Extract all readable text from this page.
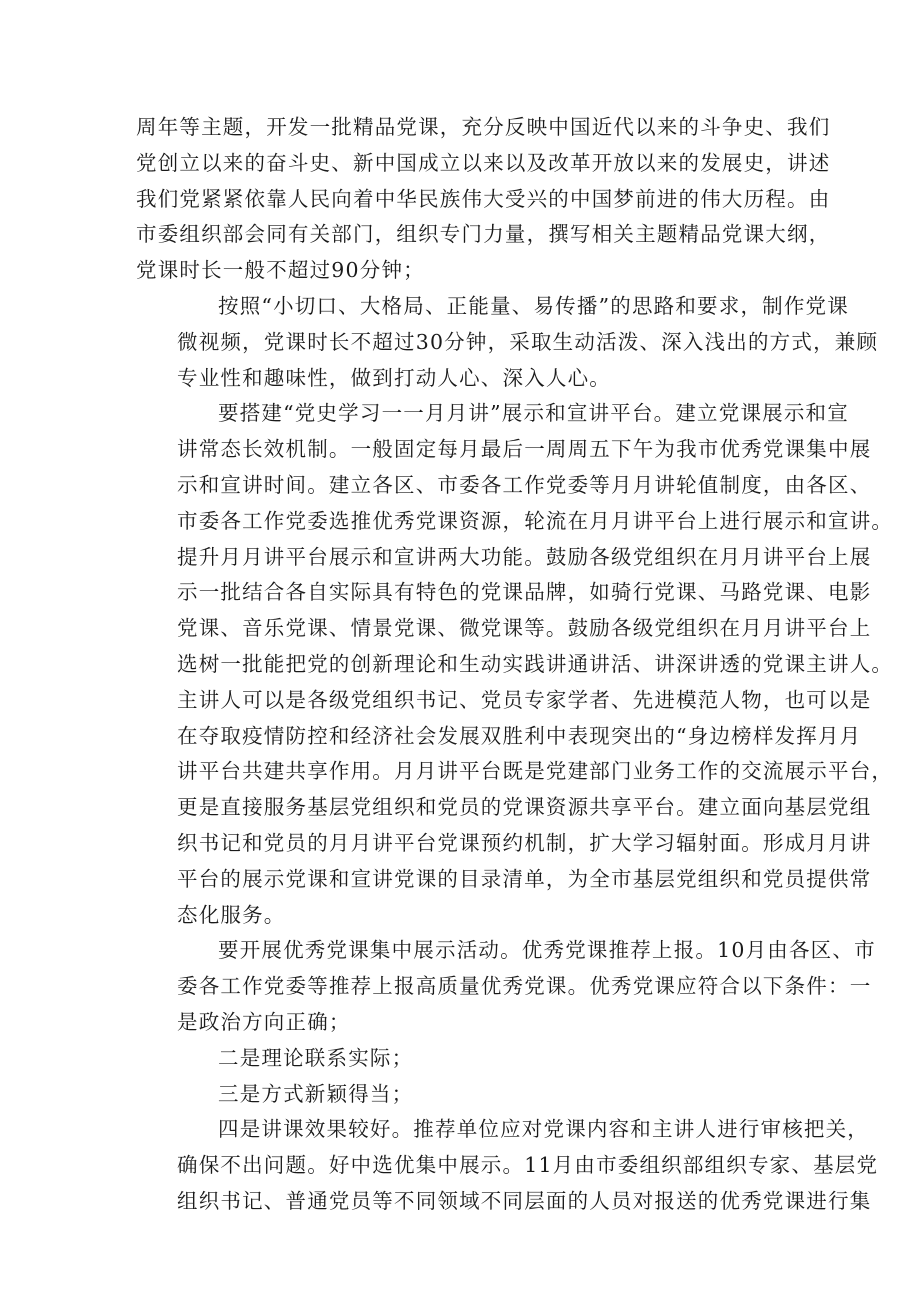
周年等主题，开发一批精品党课，充分反映中国近代以来的斗争史、我们
党创立以来的奋斗史、新中国成立以来以及改革开放以来的发展史，讲述
我们党紧紧依靠人民向着中华民族伟大受兴的中国梦前进的伟大历程。由
市委组织部会同有关部门，组织专门力量，撰写相关主题精品党课大纲，
党课时长一般不超过90分钟；
按照“小切口、大格局、正能量、易传播”的思路和要求，制作党课
微视频，党课时长不超过30分钟，采取生动活泼、深入浅出的方式，兼顾
专业性和趣味性，做到打动人心、深入人心。
要搭建“党史学习一一月月讲”展示和宣讲平台。建立党课展示和宣
讲常态长效机制。一般固定每月最后一周周五下午为我市优秀党课集中展
示和宣讲时间。建立各区、市委各工作党委等月月讲轮值制度，由各区、
市委各工作党委选推优秀党课资源，轮流在月月讲平台上进行展示和宣讲。
提升月月讲平台展示和宣讲两大功能。鼓励各级党组织在月月讲平台上展
示一批结合各自实际具有特色的党课品牌，如骑行党课、马路党课、电影
党课、音乐党课、情景党课、微党课等。鼓励各级党组织在月月讲平台上
选树一批能把党的创新理论和生动实践讲通讲活、讲深讲透的党课主讲人。
主讲人可以是各级党组织书记、党员专家学者、先进模范人物，也可以是
在夺取疫情防控和经济社会发展双胜利中表现突出的“身边榜样发挥月月
讲平台共建共享作用。月月讲平台既是党建部门业务工作的交流展示平台，
更是直接服务基层党组织和党员的党课资源共享平台。建立面向基层党组
织书记和党员的月月讲平台党课预约机制，扩大学习辐射面。形成月月讲
平台的展示党课和宣讲党课的目录清单，为全市基层党组织和党员提供常
态化服务。
要开展优秀党课集中展示活动。优秀党课推荐上报。10月由各区、市
委各工作党委等推荐上报高质量优秀党课。优秀党课应符合以下条件：一
是政治方向正确；
二是理论联系实际；
三是方式新颖得当；
四是讲课效果较好。推荐单位应对党课内容和主讲人进行审核把关，
确保不出问题。好中选优集中展示。11月由市委组织部组织专家、基层党
组织书记、普通党员等不同领域不同层面的人员对报送的优秀党课进行集
